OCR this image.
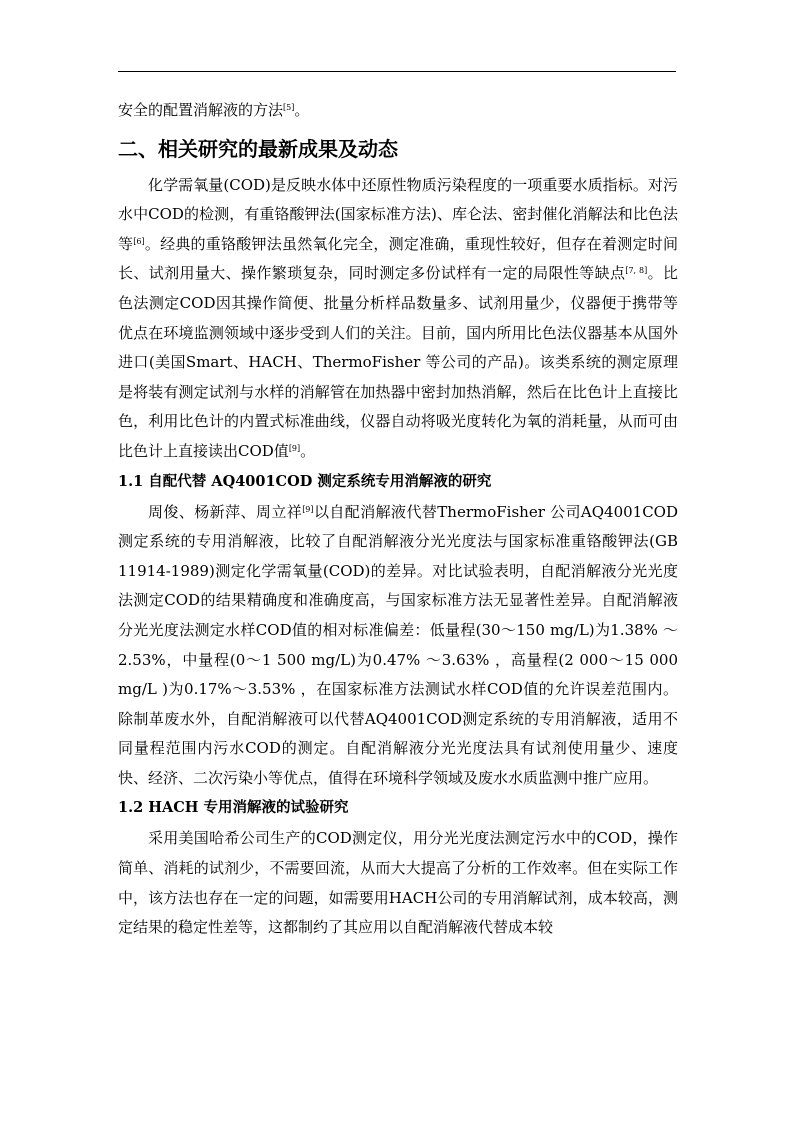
安全的配置消解液的方法[5]。

二、相关研究的最新成果及动态

化学需氧量(COD)是反映水体中还原性物质污染程度的一项重要水质指标。对污水中COD的检测，有重铬酸钾法(国家标准方法)、库仑法、密封催化消解法和比色法等[6]。经典的重铬酸钾法虽然氧化完全，测定准确，重现性较好，但存在着测定时间长、试剂用量大、操作繁琐复杂，同时测定多份试样有一定的局限性等缺点[7, 8]。比色法测定COD因其操作简便、批量分析样品数量多、试剂用量少，仪器便于携带等优点在环境监测领域中逐步受到人们的关注。目前，国内所用比色法仪器基本从国外进口(美国Smart、HACH、ThermoFisher 等公司的产品)。该类系统的测定原理是将装有测定试剂与水样的消解管在加热器中密封加热消解，然后在比色计上直接比色，利用比色计的内置式标准曲线，仪器自动将吸光度转化为氧的消耗量，从而可由比色计上直接读出COD值[9]。

1.1 自配代替 AQ4001COD 测定系统专用消解液的研究

周俊、杨新萍、周立祥[9]以自配消解液代替ThermoFisher 公司AQ4001COD测定系统的专用消解液，比较了自配消解液分光光度法与国家标准重铬酸钾法(GB 11914-1989)测定化学需氧量(COD)的差异。对比试验表明，自配消解液分光光度法测定COD的结果精确度和准确度高，与国家标准方法无显著性差异。自配消解液分光光度法测定水样COD值的相对标准偏差：低量程(30～150 mg/L)为1.38% ～2.53%，中量程(0～1 500 mg/L)为0.47% ～3.63% ，高量程(2 000～15 000 mg/L )为0.17%～3.53% ，在国家标准方法测试水样COD值的允许误差范围内。除制革废水外，自配消解液可以代替AQ4001COD测定系统的专用消解液，适用不同量程范围内污水COD的测定。自配消解液分光光度法具有试剂使用量少、速度快、经济、二次污染小等优点，值得在环境科学领域及废水水质监测中推广应用。

1.2 HACH 专用消解液的试验研究

采用美国哈希公司生产的COD测定仪，用分光光度法测定污水中的COD，操作简单、消耗的试剂少，不需要回流，从而大大提高了分析的工作效率。但在实际工作中，该方法也存在一定的问题，如需要用HACH公司的专用消解试剂，成本较高，测定结果的稳定性差等，这都制约了其应用以自配消解液代替成本较
